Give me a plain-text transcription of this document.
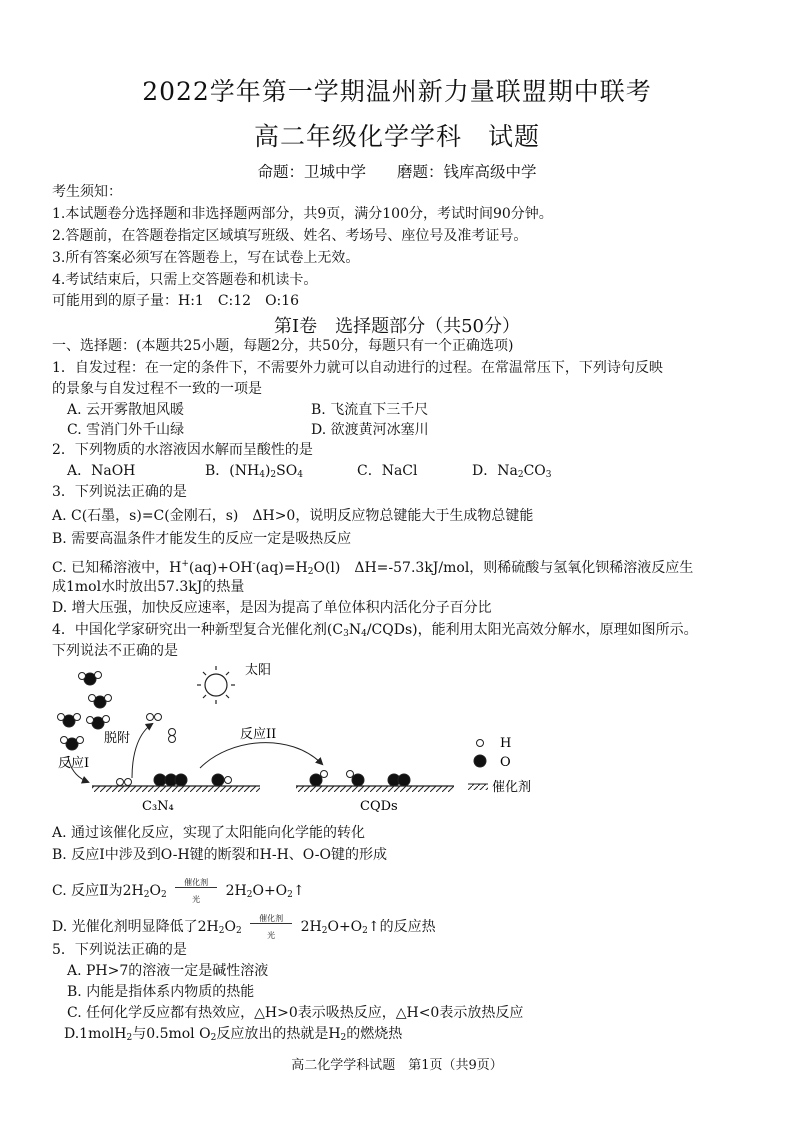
2022学年第一学期温州新力量联盟期中联考
高二年级化学学科　试题
命题：卫城中学　　磨题：钱库高级中学
考生须知：
1.本试题卷分选择题和非选择题两部分，共9页，满分100分，考试时间90分钟。
2.答题前，在答题卷指定区域填写班级、姓名、考场号、座位号及准考证号。
3.所有答案必须写在答题卷上，写在试卷上无效。
4.考试结束后，只需上交答题卷和机读卡。
可能用到的原子量：H:1　C:12　O:16
第Ⅰ卷　选择题部分（共50分）
一、选择题：(本题共25小题，每题2分，共50分，每题只有一个正确选项)
1．自发过程：在一定的条件下，不需要外力就可以自动进行的过程。在常温常压下，下列诗句反映
的景象与自发过程不一致的一项是
A. 云开雾散旭风暖	B. 飞流直下三千尺
C. 雪消门外千山绿	D. 欲渡黄河冰塞川
2．下列物质的水溶液因水解而呈酸性的是
A．NaOH	B．$(NH_4)_2SO_4$	C．NaCl	D．$Na_2CO_3$
3．下列说法正确的是
A. C(石墨，s)=C(金刚石，s)　ΔH>0，说明反应物总键能大于生成物总键能
B. 需要高温条件才能发生的反应一定是吸热反应
C. 已知稀溶液中，$H^+(aq)+OH^-(aq)=H_2O(l)$　ΔH=-57.3kJ/mol，则稀硫酸与氢氧化钡稀溶液反应生
成1mol水时放出57.3kJ的热量
D. 增大压强，加快反应速率，是因为提高了单位体积内活化分子百分比
4．中国化学家研究出一种新型复合光催化剂$(C_3N_4/CQDs)$，能利用太阳光高效分解水，原理如图所示。
下列说法不正确的是
太阳
脱附
反应I
C₃N₄
反应II
CQDs
H
O
催化剂
A. 通过该催化反应，实现了太阳能向化学能的转化
B. 反应Ⅰ中涉及到O-H键的断裂和H-H、O-O键的形成
C. 反应Ⅱ为$2H_2O_2$
催化剂
光
$2H_2O+O_2↑$
D. 光催化剂明显降低了$2H_2O_2$
催化剂
光
$2H_2O+O_2↑$的反应热
5．下列说法正确的是
A. PH>7的溶液一定是碱性溶液
B. 内能是指体系内物质的热能
C. 任何化学反应都有热效应，△H>0表示吸热反应，△H<0表示放热反应
D.1molH$_2$与0.5mol $O_2$反应放出的热就是$H_2$的燃烧热
高二化学学科试题　第1页（共9页）
